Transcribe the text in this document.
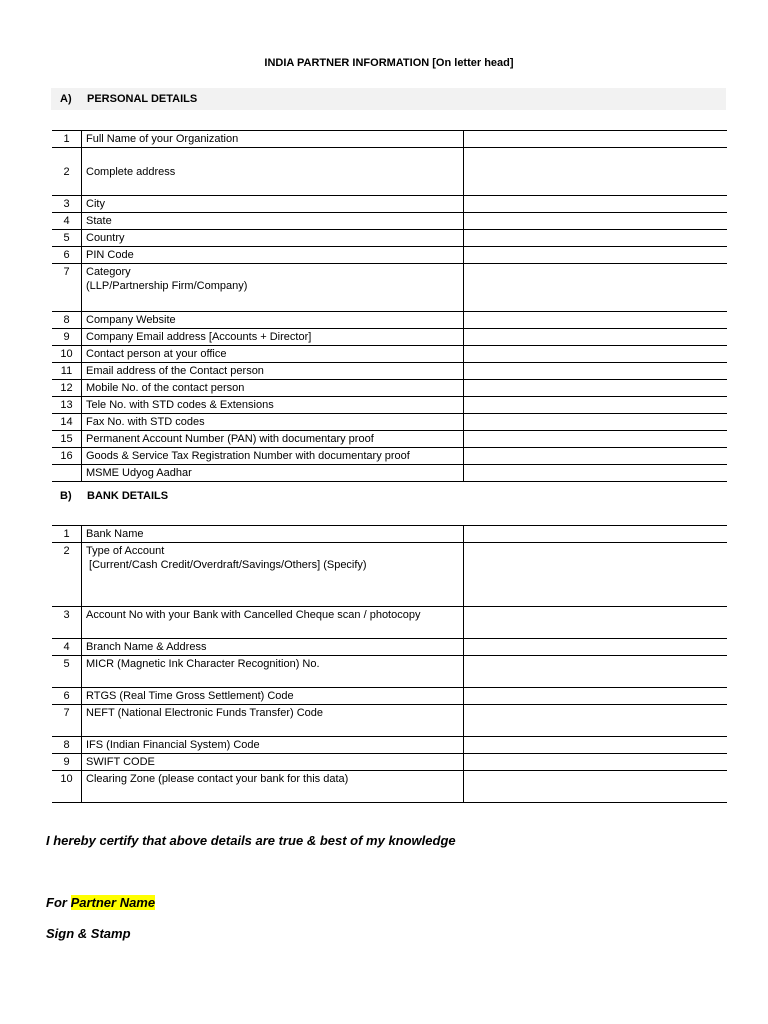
INDIA PARTNER INFORMATION [On letter head]
A) PERSONAL DETAILS
1	Full Name of your Organization	

2	Complete address	

3	City	

4	State	

5	Country	

6	PIN Code	

7	Category
(LLP/Partnership Firm/Company)	

8	Company Website	

9	Company Email address [Accounts + Director]	

10	Contact person at your office	

11	Email address of the Contact person	

12	Mobile No. of the contact person	

13	Tele No. with STD codes & Extensions	

14	Fax No. with STD codes	

15	Permanent Account Number (PAN) with documentary proof	

16	Goods & Service Tax Registration Number with documentary proof	

	MSME Udyog Aadhar	

B) BANK DETAILS
1	Bank Name	

2	Type of Account
[Current/Cash Credit/Overdraft/Savings/Others] (Specify)	

3	Account No with your Bank with Cancelled Cheque scan / photocopy	

4	Branch Name & Address	

5	MICR (Magnetic Ink Character Recognition) No.	

6	RTGS (Real Time Gross Settlement) Code	

7	NEFT (National Electronic Funds Transfer) Code	

8	IFS (Indian Financial System) Code	

9	SWIFT CODE	

10	Clearing Zone (please contact your bank for this data)	

I hereby certify that above details are true & best of my knowledge
For Partner Name
Sign & Stamp
